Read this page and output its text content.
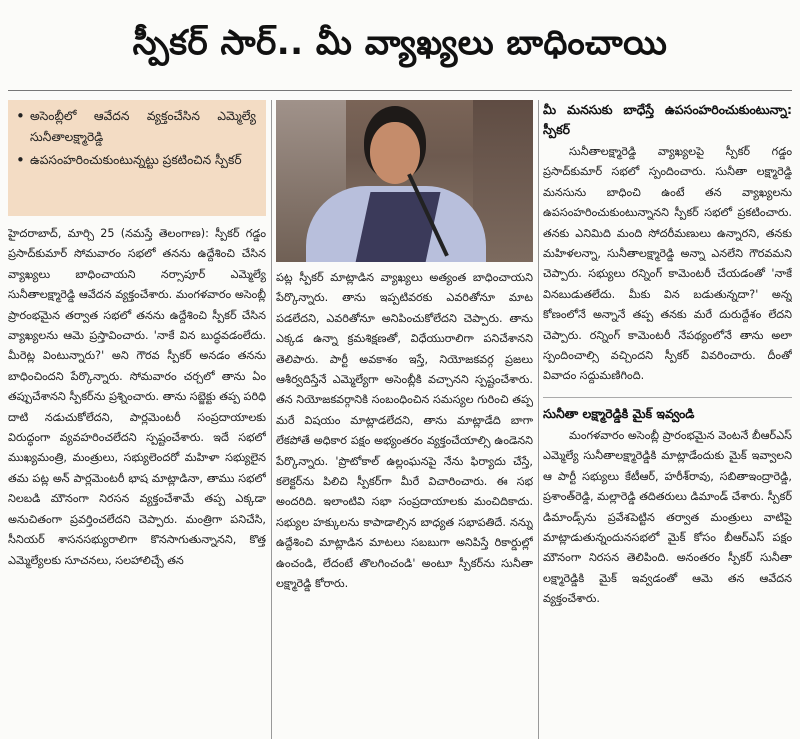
స్పీకర్ సార్.. మీ వ్యాఖ్యలు బాధించాయి
• అసెంబ్లీలో ఆవేదన వ్యక్తంచేసిన ఎమ్మెల్యే సునీతాలక్ష్మారెడ్డి
• ఉపసంహరించుకుంటున్నట్టు ప్రకటించిన స్పీకర్
హైదరాబాద్, మార్చి 25 (నమస్తే తెలంగాణ): స్పీకర్ గడ్డం ప్రసాద్‌కుమార్ సోమవారం సభలో తనను ఉద్దేశించి చేసిన వ్యాఖ్యలు బాధించాయని నర్సాపూర్ ఎమ్మెల్యే సునీతాలక్ష్మారెడ్డి ఆవేదన వ్యక్తంచేశారు. మంగళవారం అసెంబ్లీ ప్రారంభమైన తర్వాత సభలో తనను ఉద్దేశించి స్పీకర్ చేసిన వ్యాఖ్యలను ఆమె ప్రస్తావించారు. 'నాకే విన బుద్ధవడంలేదు. మీరెట్ల వింటున్నారు?' అని గౌరవ స్పీకర్ అనడం తనను బాధించిందని పేర్కొన్నారు. సోమవారం చర్చలో తాను ఏం తప్పుచేశానని స్పీకర్‌ను ప్రశ్నించారు. తాను సబ్జెక్టు తప్ప పరిధి దాటి నడుచుకోలేదని, పార్లమెంటరీ సంప్రదాయాలకు విరుద్ధంగా వ్యవహరించలేదని స్పష్టంచేశారు. ఇదే సభలో ముఖ్యమంత్రి, మంత్రులు, సభ్యులెందరో మహిళా సభ్యులైన తమ పట్ల అన్ పార్లమెంటరీ భాష మాట్లాడినా, తాము సభలో నిలబడి మౌనంగా నిరసన వ్యక్తంచేశామే తప్ప ఎక్కడా అనుచితంగా ప్రవర్తించలేదని చెప్పారు. మంత్రిగా పనిచేసి, సీనియర్ శాసనసభ్యురాలిగా కొనసాగుతున్నానని, కొత్త ఎమ్మెల్యేలకు సూచనలు, సలహాలిచ్చే తన
పట్ల స్పీకర్ మాట్లాడిన వ్యాఖ్యలు అత్యంత బాధించాయని పేర్కొన్నారు. తాను ఇప్పటివరకు ఎవరితోనూ మాట పడలేదని, ఎవరితోనూ అనిపించుకోలేదని చెప్పారు. తాను ఎక్కడ ఉన్నా క్రమశిక్షణతో, విధేయురాలిగా పనిచేశానని తెలిపారు. పార్టీ అవకాశం ఇస్తే, నియోజకవర్గ ప్రజలు ఆశీర్వదిస్తేనే ఎమ్మెల్యేగా అసెంబ్లీకి వచ్చానని స్పష్టంచేశారు. తన నియోజకవర్గానికి సంబంధించిన సమస్యల గురించి తప్ప మరే విషయం మాట్లాడలేదని, తాను మాట్లాడేది బాగా లేకపోతే అధికార పక్షం అభ్యంతరం వ్యక్తంచేయాల్సి ఉండెనని పేర్కొన్నారు. 'ప్రొటోకాల్ ఉల్లంఘనపై నేను ఫిర్యాదు చేస్తే, కలెక్టర్‌ను పిలిచి స్పీకర్‌గా మీరే విచారించారు. ఈ సభ అందరిది. ఇలాంటివి సభా సంప్రదాయాలకు మంచిదికాదు. సభ్యుల హక్కులను కాపాడాల్సిన బాధ్యత సభాపతిదే. నన్ను ఉద్దేశించి మాట్లాడిన మాటలు సబబుగా అనిపిస్తే రికార్డుల్లో ఉంచండి, లేదంటే తొలగించండి' అంటూ స్పీకర్‌ను సునీతా లక్ష్మారెడ్డి కోరారు.
మీ మనసుకు బాధేస్తే ఉపసంహరించుకుంటున్నా: స్పీకర్
సునీతాలక్ష్మారెడ్డి వ్యాఖ్యలపై స్పీకర్ గడ్డం ప్రసాద్‌కుమార్ సభలో స్పందించారు. సునీతా లక్ష్మారెడ్డి మనసును బాధించి ఉంటే తన వ్యాఖ్యలను ఉపసంహరించుకుంటున్నానని స్పీకర్ సభలో ప్రకటించారు. తనకు ఎనిమిది మంది సోదరీమణులు ఉన్నారని, తనకు మహిళలన్నా, సునీతాలక్ష్మారెడ్డి అన్నా ఎనలేని గౌరవమని చెప్పారు. సభ్యులు రన్నింగ్ కామెంటరీ చేయడంతో 'నాకే వినబుడుతలేదు. మీకు విన బడుతున్నదా?' అన్న కోణంలోనే అన్నానే తప్ప తనకు మరే దురుద్దేశం లేదని చెప్పారు. రన్నింగ్ కామెంటరీ నేపథ్యంలోనే తాను అలా స్పందించాల్సి వచ్చిందని స్పీకర్ వివరించారు. దీంతో వివాదం సద్దుమణిగింది.
సునీతా లక్ష్మారెడ్డికి మైక్ ఇవ్వండి
మంగళవారం అసెంబ్లీ ప్రారంభమైన వెంటనే బీఆర్‌ఎస్ ఎమ్మెల్యే సునీతాలక్ష్మారెడ్డికి మాట్లాడేందుకు మైక్ ఇవ్వాలని ఆ పార్టీ సభ్యులు కేటీఆర్, హరీశ్‌రావు, సబితాఇంద్రారెడ్డి, ప్రశాంత్‌రెడ్డి, మల్లారెడ్డి తదితరులు డిమాండ్ చేశారు. స్పీకర్ డిమాండ్స్‌ను ప్రవేశపెట్టిన తర్వాత మంత్రులు వాటిపై మాట్లాడుతున్నందునసభలో మైక్ కోసం బీఆర్‌ఎస్ పక్షం మౌనంగా నిరసన తెలిపింది. అనంతరం స్పీకర్ సునీతా లక్ష్మారెడ్డికి మైక్ ఇవ్వడంతో ఆమె తన ఆవేదన వ్యక్తంచేశారు.
